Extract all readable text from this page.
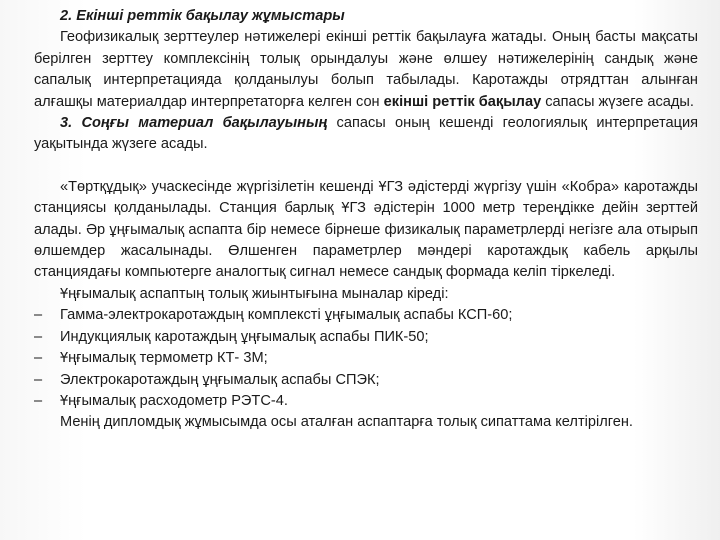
2. Екінші реттік бақылау жұмыстары

Геофизикалық зерттеулер нәтижелері екінші реттік бақылауға жатады. Оның басты мақсаты берілген зерттеу комплексінің толық орындалуы және өлшеу нәтижелерінің сандық және сапалық интерпретацияда қолданылуы болып табылады. Каротажды отрядттан алынған алғашқы материалдар интерпретаторға келген сон екінші реттік бақылау сапасы жүзеге асады.

3. Соңғы материал бақылауының сапасы оның кешенді геологиялық интерпретация уақытында жүзеге асады.

«Төртқұдық» учаскесінде жүргізілетін кешенді ҰГЗ әдістерді жүргізу үшін «Кобра» каротажды станциясы қолданылады. Станция барлық ҰГЗ әдістерін 1000 метр тереңдікке дейін зерттей алады. Әр ұңғымалық аспапта бір немесе бірнеше физикалық параметрлерді негізге ала отырып өлшемдер жасалынады. Өлшенген параметрлер мәндері каротаждық кабель арқылы станциядағы компьютерге аналогтық сигнал немесе сандық формада келіп тіркеледі.

Ұңғымалық аспаптың толық жиынтығына мыналар кіреді:

– Гамма-электрокаротаждың комплексті ұңғымалық аспабы КСП-60;
– Индукциялық каротаждың ұңғымалық аспабы ПИК-50;
– Ұңғымалық термометр КТ- 3М;
– Электрокаротаждың ұңғымалық аспабы СПЭК;
– Ұңғымалық расходометр РЭТС-4.

Менің дипломдық жұмысымда осы аталған аспаптарға толық сипаттама келтірілген.
